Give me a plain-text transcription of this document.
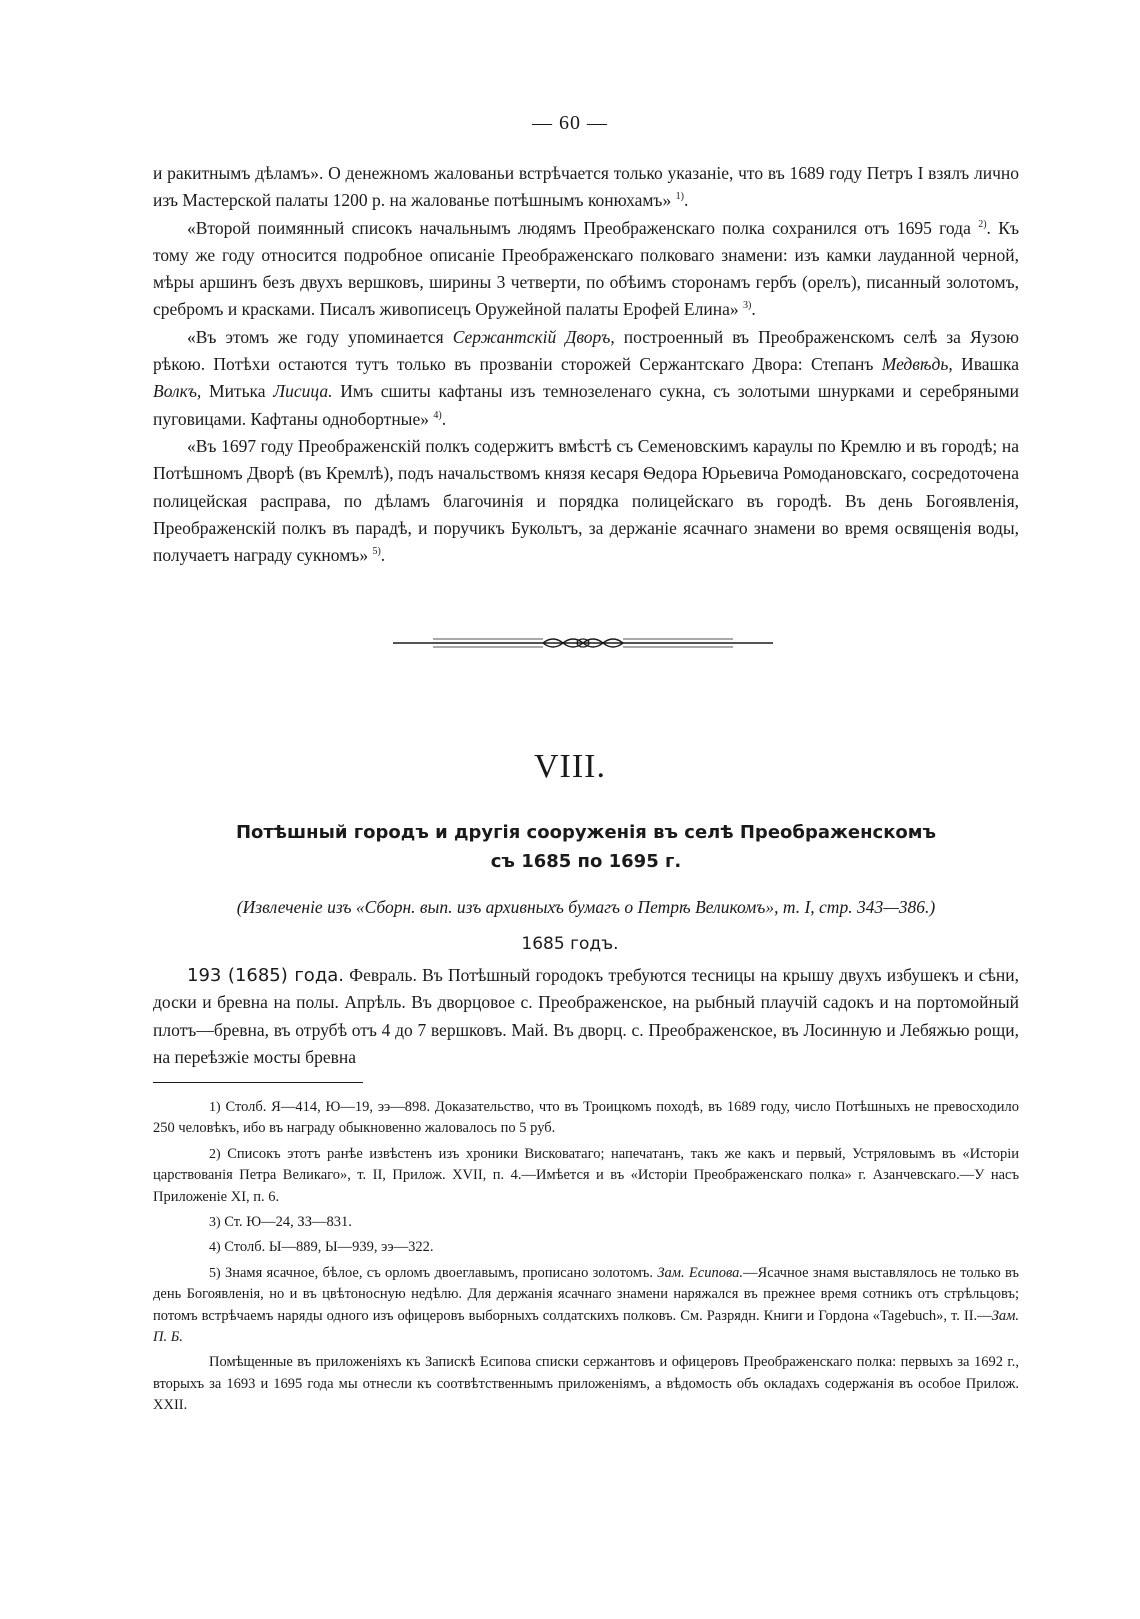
— 60 —

и ракитнымъ дѣламъ». О денежномъ жалованьи встрѣчается только указаніе, что въ 1689 году Петръ I взялъ лично изъ Мастерской палаты 1200 р. на жалованье потѣшнымъ конюхамъ» $^{1)}$.

«Второй поимянный списокъ начальнымъ людямъ Преображенскаго полка сохранился отъ 1695 года $^{2)}$. Къ тому же году относится подробное описаніе Преображенскаго полковаго знамени: изъ камки лауданной черной, мѣры аршинъ безъ двухъ вершковъ, ширины 3 четверти, по обѣимъ сторонамъ гербъ (орелъ), писанный золотомъ, сребромъ и красками. Писалъ живописецъ Оружейной палаты Ерофей Елина» $^{3)}$.

«Въ этомъ же году упоминается Сержантскій Дворъ, построенный въ Преображенскомъ селѣ за Яузою рѣкою. Потѣхи остаются тутъ только въ прозваніи сторожей Сержантскаго Двора: Степанъ Медвѣдь, Ивашка Волкъ, Митька Лисица. Имъ сшиты кафтаны изъ темнозеленаго сукна, съ золотыми шнурками и серебряными пуговицами. Кафтаны однобортные» $^{4)}$.

«Въ 1697 году Преображенскій полкъ содержитъ вмѣстѣ съ Семеновскимъ караулы по Кремлю и въ городѣ; на Потѣшномъ Дворѣ (въ Кремлѣ), подъ начальствомъ князя кесаря Ѳедора Юрьевича Ромодановскаго, сосредоточена полицейская расправа, по дѣламъ благочинія и порядка полицейскаго въ городѣ. Въ день Богоявленія, Преображенскій полкъ въ парадѣ, и поручикъ Букольтъ, за держаніе ясачнаго знамени во время освященія воды, получаетъ награду сукномъ» $^{5)}$.

VIII.
Потѣшный городъ и другія сооруженія въ селѣ Преображенскомъ
съ 1685 по 1695 г.
(Извлеченіе изъ «Сборн. вып. изъ архивныхъ бумагъ о Петрѣ Великомъ», т. I, стр. 343—386.)
1685 годъ.

193 (1685) года. Февраль. Въ Потѣшный городокъ требуются тесницы на крышу двухъ избушекъ и сѣни, доски и бревна на полы. Апрѣль. Въ дворцовое с. Преображенское, на рыбный плаучій садокъ и на портомойный плотъ—бревна, въ отрубѣ отъ 4 до 7 вершковъ. Май. Въ дворц. с. Преображенское, въ Лосинную и Лебяжью рощи, на переѣзжіе мосты бревна

1) Столб. Я—414, Ю—19, ээ—898. Доказательство, что въ Троицкомъ походѣ, въ 1689 году, число Потѣшныхъ не превосходило 250 человѣкъ, ибо въ награду обыкновенно жаловалось по 5 руб.

2) Списокъ этотъ ранѣе извѣстенъ изъ хроники Висковатаго; напечатанъ, такъ же какъ и первый, Устряловымъ въ «Исторіи царствованія Петра Великаго», т. II, Прилож. XVII, п. 4.—Имѣется и въ «Исторіи Преображенскаго полка» г. Азанчевскаго.—У насъ Приложеніе XI, п. 6.

3) Ст. Ю—24, ЗЗ—831.

4) Столб. Ы—889, Ы—939, ээ—322.

5) Знамя ясачное, бѣлое, съ орломъ двоеглавымъ, прописано золотомъ. Зам. Есипова.—Ясачное знамя выставлялось не только въ день Богоявленія, но и въ цвѣтоносную недѣлю. Для держанія ясачнаго знамени наряжался въ прежнее время сотникъ отъ стрѣльцовъ; потомъ встрѣчаемъ наряды одного изъ офицеровъ выборныхъ солдатскихъ полковъ. См. Разрядн. Книги и Гордона «Tagebuch», т. II.—Зам. П. Б.

Помѣщенные въ приложеніяхъ къ Запискѣ Есипова списки сержантовъ и офицеровъ Преображенскаго полка: первыхъ за 1692 г., вторыхъ за 1693 и 1695 года мы отнесли къ соотвѣтственнымъ приложеніямъ, а вѣдомость объ окладахъ содержанія въ особое Прилож. XXII.
